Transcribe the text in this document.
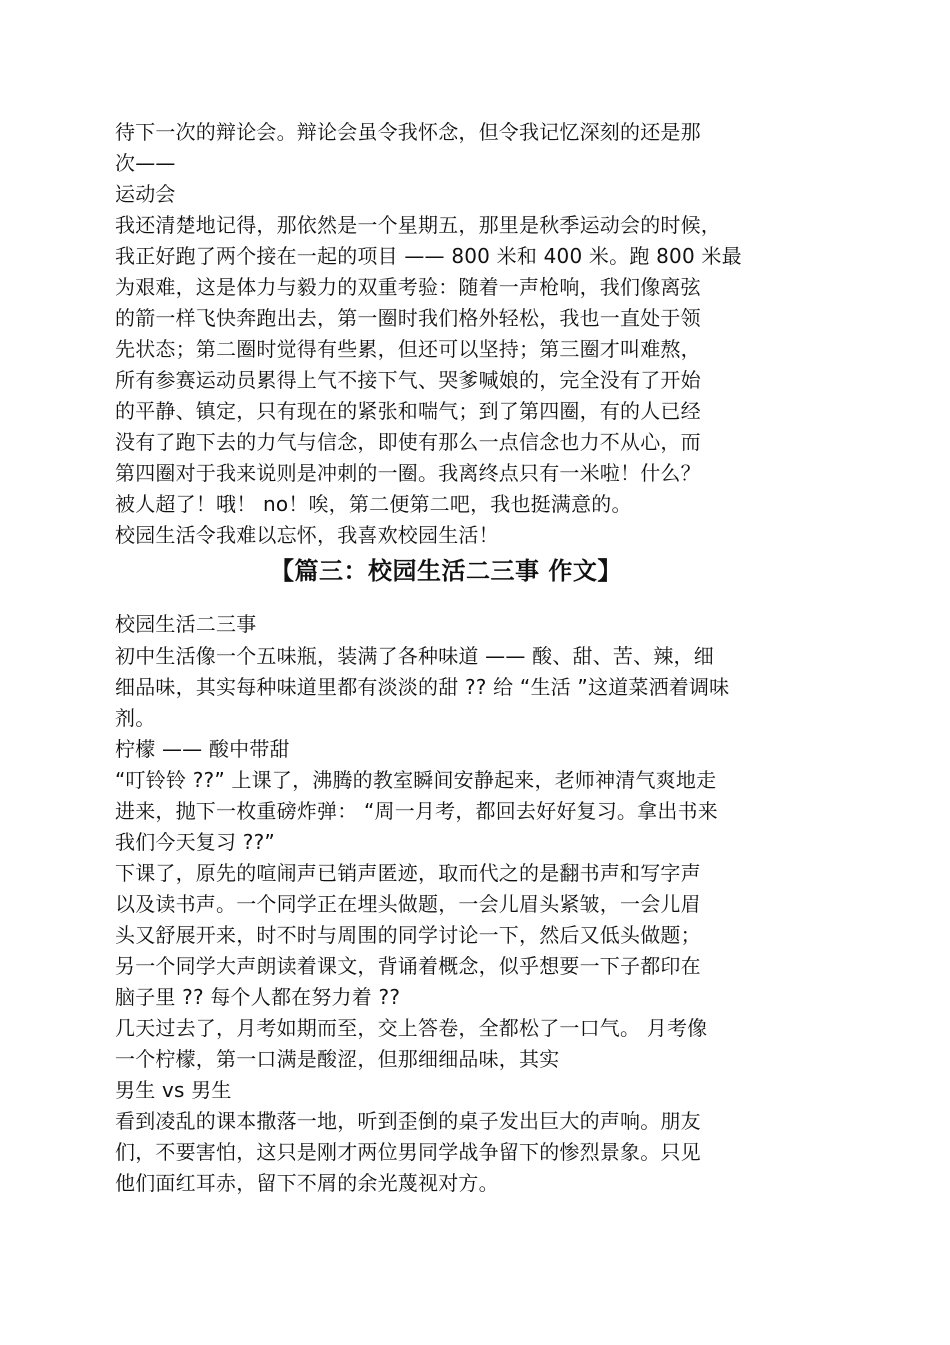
待下一次的辩论会。辩论会虽令我怀念，但令我记忆深刻的还是那
次——
运动会
我还清楚地记得，那依然是一个星期五，那里是秋季运动会的时候，
我正好跑了两个接在一起的项目 —— 800 米和 400 米。跑 800 米最
为艰难，这是体力与毅力的双重考验：随着一声枪响，我们像离弦
的箭一样飞快奔跑出去，第一圈时我们格外轻松，我也一直处于领
先状态；第二圈时觉得有些累，但还可以坚持；第三圈才叫难熬，
所有参赛运动员累得上气不接下气、哭爹喊娘的，完全没有了开始
的平静、镇定，只有现在的紧张和喘气；到了第四圈，有的人已经
没有了跑下去的力气与信念，即使有那么一点信念也力不从心，而
第四圈对于我来说则是冲刺的一圈。我离终点只有一米啦！什么？
被人超了！哦！ no！唉，第二便第二吧，我也挺满意的。
校园生活令我难以忘怀，我喜欢校园生活！
【篇三：校园生活二三事 作文】
校园生活二三事
初中生活像一个五味瓶，装满了各种味道 —— 酸、甜、苦、辣，细
细品味，其实每种味道里都有淡淡的甜 ?? 给 “生活 ”这道菜洒着调味
剂。
柠檬 —— 酸中带甜
“叮铃铃 ??” 上课了，沸腾的教室瞬间安静起来，老师神清气爽地走
进来，抛下一枚重磅炸弹： “周一月考，都回去好好复习。拿出书来
我们今天复习 ??”
下课了，原先的喧闹声已销声匿迹，取而代之的是翻书声和写字声
以及读书声。一个同学正在埋头做题，一会儿眉头紧皱，一会儿眉
头又舒展开来，时不时与周围的同学讨论一下，然后又低头做题；
另一个同学大声朗读着课文，背诵着概念，似乎想要一下子都印在
脑子里 ?? 每个人都在努力着 ??
几天过去了，月考如期而至，交上答卷，全都松了一口气。 月考像
一个柠檬，第一口满是酸涩，但那细细品味，其实
男生 vs 男生
看到凌乱的课本撒落一地，听到歪倒的桌子发出巨大的声响。朋友
们，不要害怕，这只是刚才两位男同学战争留下的惨烈景象。只见
他们面红耳赤，留下不屑的余光蔑视对方。
